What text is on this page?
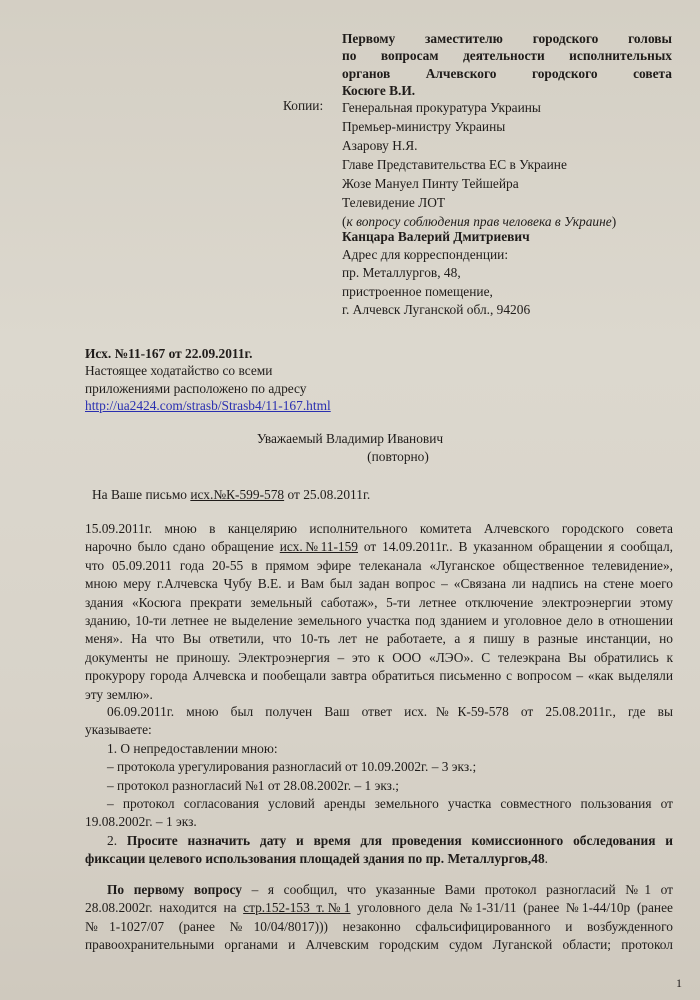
Первому заместителю городского головы
по вопросам деятельности исполнительных
органов Алчевского городского совета
Косюге В.И.
Копии: Генеральная прокуратура Украины
Премьер-министру Украины
Азарову Н.Я.
Главе Представительства ЕС в Украине
Жозе Мануел Пинту Тейшейра
Телевидение ЛОТ
(к вопросу соблюдения прав человека в Украине)
Канцара Валерий Дмитриевич
Адрес для корреспонденции:
пр. Металлургов, 48,
пристроенное помещение,
г. Алчевск Луганской обл., 94206
Исх. №11-167 от 22.09.2011г.
Настоящее ходатайство со всеми
приложениями расположено по адресу
http://ua2424.com/strasb/Strasb4/11-167.html
Уважаемый Владимир Иванович
(повторно)
На Ваше письмо исх.№К-599-578 от 25.08.2011г.
15.09.2011г. мною в канцелярию исполнительного комитета Алчевского городского совета
нарочно было сдано обращение исх.№11-159 от 14.09.2011г.. В указанном обращении я сообщал,
что 05.09.2011 года 20-55 в прямом эфире телеканала «Луганское общественное телевидение»,
мною меру г.Алчевска Чубу В.Е. и Вам был задан вопрос – «Связана ли надпись на стене моего
здания «Косюга прекрати земельный саботаж», 5-ти летнее отключение электроэнергии этому
зданию, 10-ти летнее не выделение земельного участка под зданием и уголовное дело в отношении
меня». На что Вы ответили, что 10-ть лет не работаете, а я пишу в разные инстанции, но
документы не приношу. Электроэнергия – это к ООО «ЛЭО». С телеэкрана Вы обратились к
прокурору города Алчевска и пообещали завтра обратиться письменно с вопросом – «как выделяли
эту землю».
06.09.2011г. мною был получен Ваш ответ исх.№К-59-578 от 25.08.2011г., где вы
указываете:
1. О непредоставлении мною:
– протокола урегулирования разногласий от 10.09.2002г. – 3 экз.;
– протокол разногласий №1 от 28.08.2002г. – 1 экз.;
– протокол согласования условий аренды земельного участка совместного пользования от
19.08.2002г. – 1 экз.
2. Просите назначить дату и время для проведения комиссионного обследования и
фиксации целевого использования площадей здания по пр. Металлургов,48.
По первому вопросу – я сообщил, что указанные Вами протокол разногласий №1 от
28.08.2002г. находится на стр.152-153 т.№1 уголовного дела №1-31/11 (ранее №1-44/10р (ранее
№1-1027/07 (ранее №10/04/8017))) незаконно сфальсифицированного и возбужденного
правоохранительными органами и Алчевским городским судом Луганской области; протокол
1
